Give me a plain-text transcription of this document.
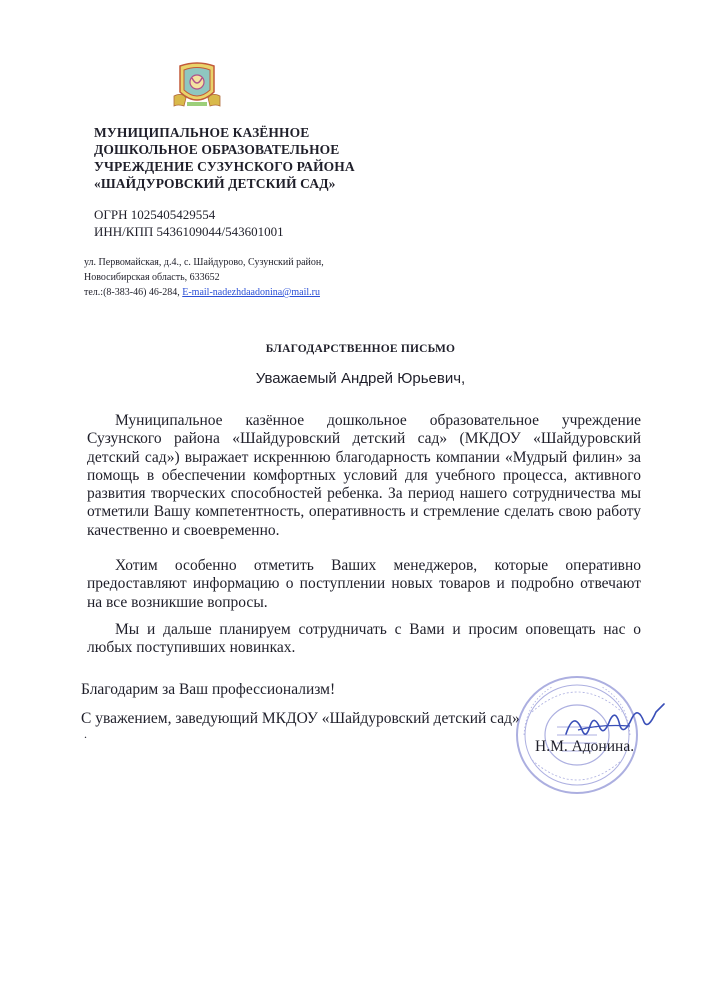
МУНИЦИПАЛЬНОЕ КАЗЁННОЕ
ДОШКОЛЬНОЕ ОБРАЗОВАТЕЛЬНОЕ
УЧРЕЖДЕНИЕ СУЗУНСКОГО РАЙОНА
«ШАЙДУРОВСКИЙ ДЕТСКИЙ САД»
ОГРН 1025405429554
ИНН/КПП 5436109044/543601001
ул. Первомайская, д.4., с. Шайдурово, Сузунский район,
Новосибирская область, 633652
тел.:(8-383-46) 46-284, E-mail-nadezhdaadonina@mail.ru
БЛАГОДАРСТВЕННОЕ ПИСЬМО
Уважаемый Андрей Юрьевич,
Муниципальное казённое дошкольное образовательное учреждение Сузунского района «Шайдуровский детский сад» (МКДОУ «Шайдуровский детский сад») выражает искреннюю благодарность компании «Мудрый филин» за помощь в обеспечении комфортных условий для учебного процесса, активного развития творческих способностей ребенка. За период нашего сотрудничества мы отметили Вашу компетентность, оперативность и стремление сделать свою работу качественно и своевременно.
Хотим особенно отметить Ваших менеджеров, которые оперативно предоставляют информацию о поступлении новых товаров и подробно отвечают на все возникшие вопросы.
Мы и дальше планируем сотрудничать с Вами и просим оповещать нас о любых поступивших новинках.
Благодарим за Ваш профессионализм!
С уважением, заведующий МКДОУ «Шайдуровский детский сад»
.
Н.М. Адонина.
